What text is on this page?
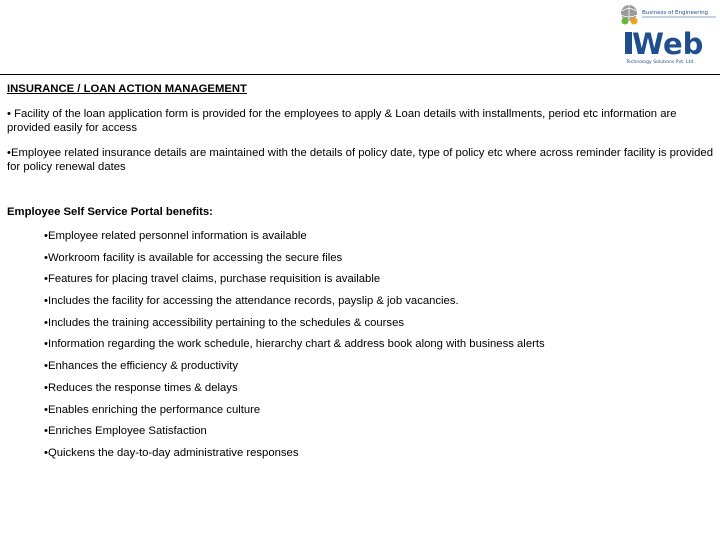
Business of Engineering
Web
Technology Solutions Pvt. Ltd.
INSURANCE / LOAN ACTION MANAGEMENT
• Facility of the loan application form is provided for the employees to apply & Loan details with installments, period etc information are provided easily for access
•Employee related insurance details are maintained with the details of policy date, type of policy etc where across reminder facility is provided for policy renewal dates
Employee Self Service Portal benefits:
•Employee related personnel information is available
•Workroom facility is available for accessing the secure files
•Features for placing travel claims, purchase requisition is available
•Includes the facility for accessing the attendance records, payslip & job vacancies.
•Includes the training accessibility pertaining to the schedules & courses
•Information regarding the work schedule, hierarchy chart & address book along with business alerts
•Enhances the efficiency & productivity
•Reduces the response times & delays
•Enables enriching the performance culture
•Enriches Employee Satisfaction
•Quickens the day-to-day administrative responses
